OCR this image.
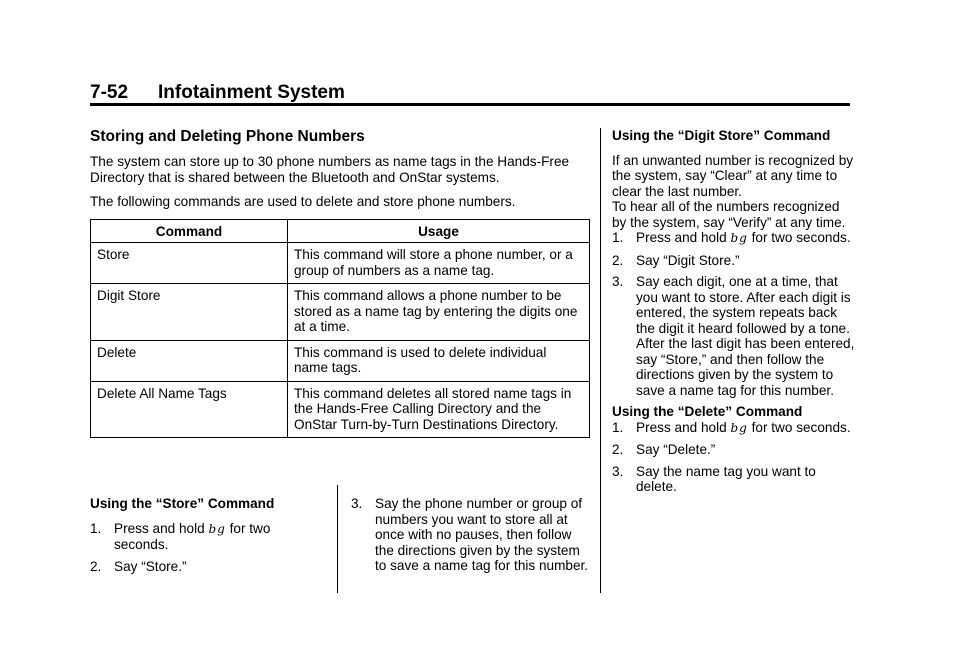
7-52 Infotainment System
Storing and Deleting Phone Numbers

The system can store up to 30 phone numbers as name tags in the Hands-Free Directory that is shared between the Bluetooth and OnStar systems.

The following commands are used to delete and store phone numbers.

Command	Usage
Store	This command will store a phone number, or a group of numbers as a name tag.
Digit Store	This command allows a phone number to be stored as a name tag by entering the digits one at a time.
Delete	This command is used to delete individual name tags.
Delete All Name Tags	This command deletes all stored name tags in the Hands-Free Calling Directory and the OnStar Turn-by-Turn Destinations Directory.
Using the “Store” Command
1. Press and hold bg for two seconds.
2. Say “Store.”
3. Say the phone number or group of numbers you want to store all at once with no pauses, then follow the directions given by the system to save a name tag for this number.
Using the “Digit Store” Command

If an unwanted number is recognized by the system, say “Clear” at any time to clear the last number.

To hear all of the numbers recognized by the system, say “Verify” at any time.

1. Press and hold bg for two seconds.
2. Say “Digit Store.”
3. Say each digit, one at a time, that you want to store. After each digit is entered, the system repeats back the digit it heard followed by a tone. After the last digit has been entered, say “Store,” and then follow the directions given by the system to save a name tag for this number.
Using the “Delete” Command
1. Press and hold bg for two seconds.
2. Say “Delete.”
3. Say the name tag you want to delete.
